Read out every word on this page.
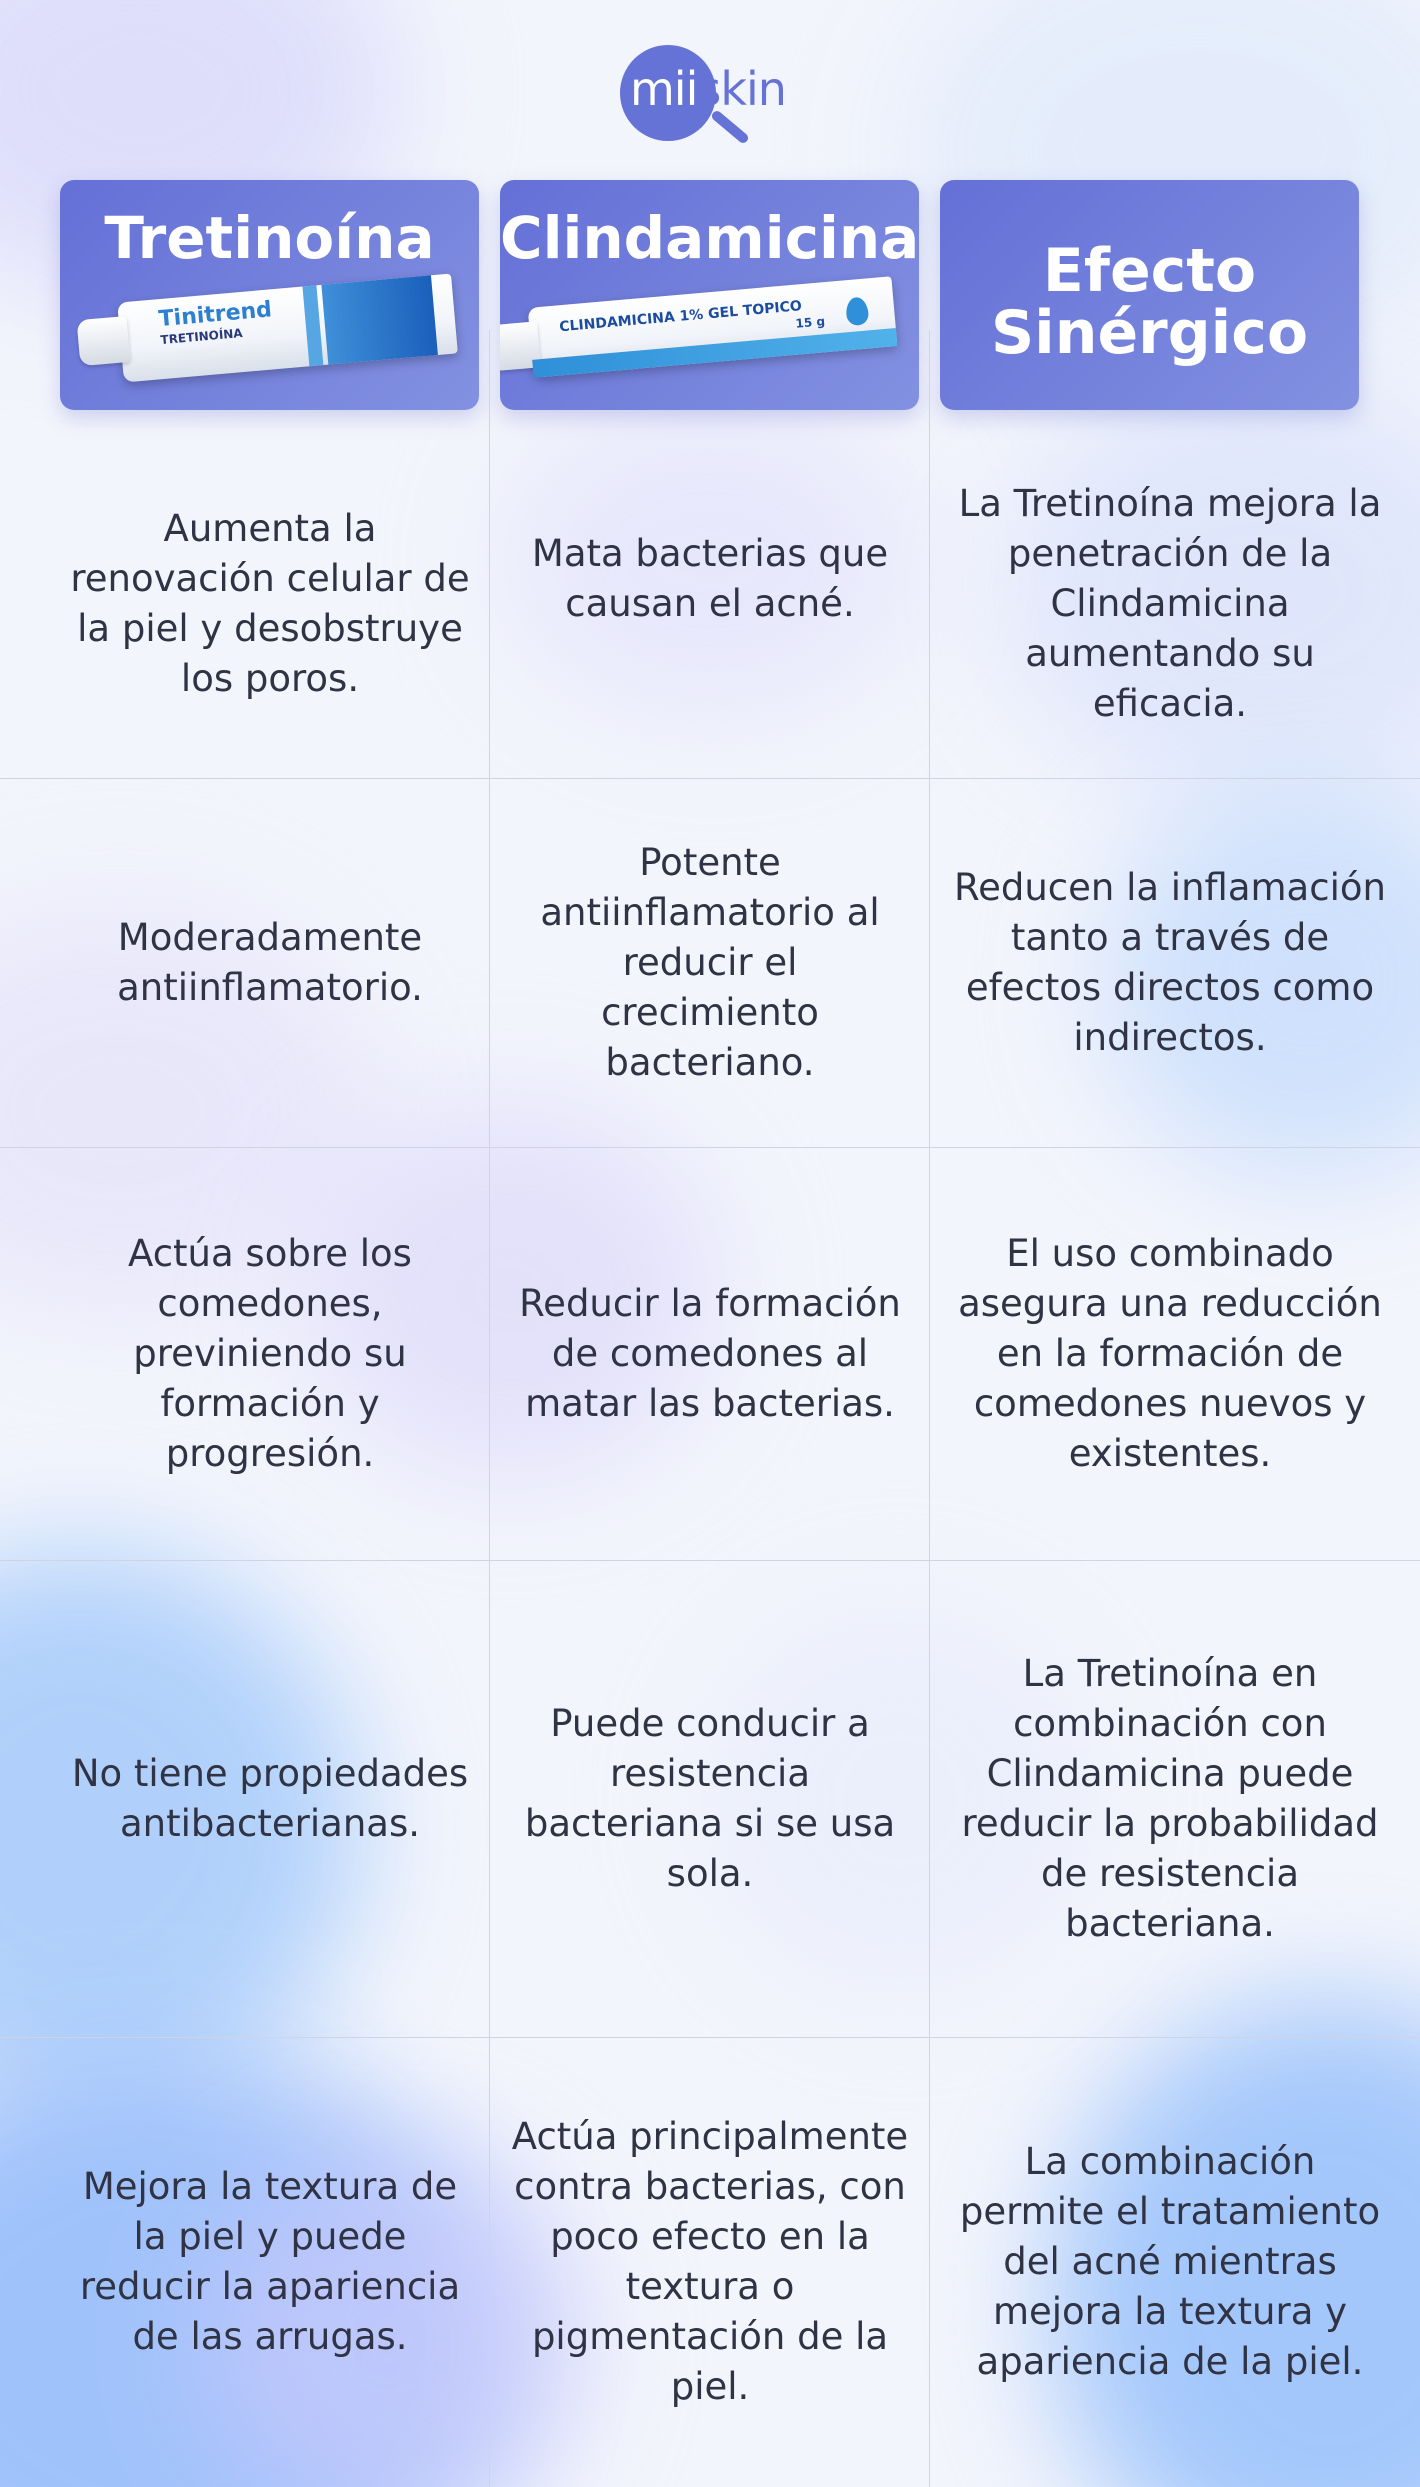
miiskin
Tretinoína
Tinitrend
TRETINOÍNA
Clindamicina
CLINDAMICINA 1% GEL TOPICO
15 g
Efecto Sinérgico
Aumenta la renovación celular de la piel y desobstruye los poros.
Mata bacterias que causan el acné.
La Tretinoína mejora la penetración de la Clindamicina aumentando su eficacia.
Moderadamente antiinflamatorio.
Potente antiinflamatorio al reducir el crecimiento bacteriano.
Reducen la inflamación tanto a través de efectos directos como indirectos.
Actúa sobre los comedones, previniendo su formación y progresión.
Reducir la formación de comedones al matar las bacterias.
El uso combinado asegura una reducción en la formación de comedones nuevos y existentes.
No tiene propiedades antibacterianas.
Puede conducir a resistencia bacteriana si se usa sola.
La Tretinoína en combinación con Clindamicina puede reducir la probabilidad de resistencia bacteriana.
Mejora la textura de la piel y puede reducir la apariencia de las arrugas.
Actúa principalmente contra bacterias, con poco efecto en la textura o pigmentación de la piel.
La combinación permite el tratamiento del acné mientras mejora la textura y apariencia de la piel.
